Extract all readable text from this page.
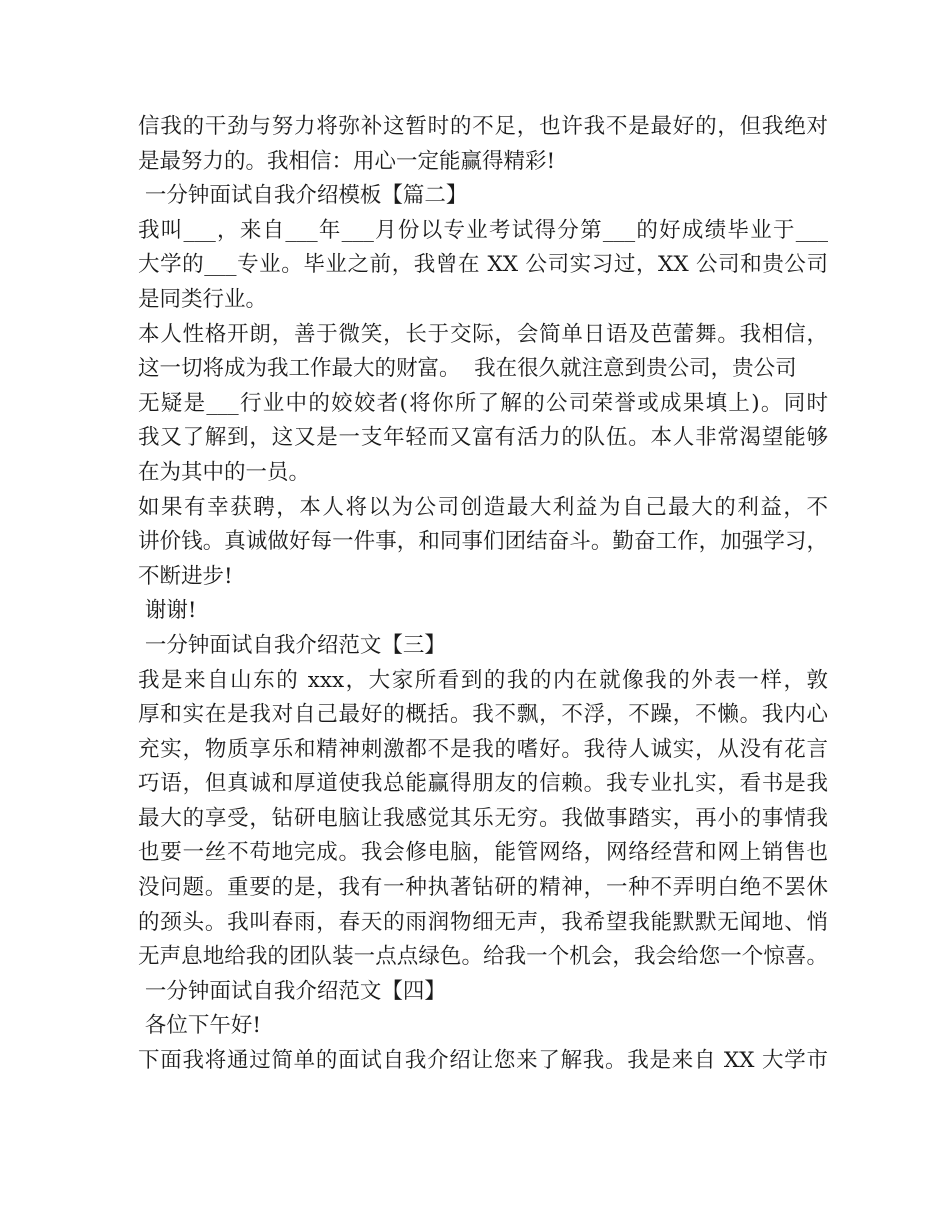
信我的干劲与努力将弥补这暂时的不足，也许我不是最好的，但我绝对
是最努力的。我相信：用心一定能赢得精彩!
一分钟面试自我介绍模板【篇二】
我叫___，来自___年___月份以专业考试得分第___的好成绩毕业于___
大学的___专业。毕业之前，我曾在 XX 公司实习过，XX 公司和贵公司
是同类行业。
本人性格开朗，善于微笑，长于交际，会简单日语及芭蕾舞。我相信，
这一切将成为我工作最大的财富。  我在很久就注意到贵公司，贵公司
无疑是___行业中的姣姣者(将你所了解的公司荣誉或成果填上)。同时
我又了解到，这又是一支年轻而又富有活力的队伍。本人非常渴望能够
在为其中的一员。
如果有幸获聘，本人将以为公司创造最大利益为自己最大的利益，不
讲价钱。真诚做好每一件事，和同事们团结奋斗。勤奋工作，加强学习，
不断进步!
谢谢!
一分钟面试自我介绍范文【三】
我是来自山东的 xxx，大家所看到的我的内在就像我的外表一样，敦
厚和实在是我对自己最好的概括。我不飘，不浮，不躁，不懒。我内心
充实，物质享乐和精神刺激都不是我的嗜好。我待人诚实，从没有花言
巧语，但真诚和厚道使我总能赢得朋友的信赖。我专业扎实，看书是我
最大的享受，钻研电脑让我感觉其乐无穷。我做事踏实，再小的事情我
也要一丝不苟地完成。我会修电脑，能管网络，网络经营和网上销售也
没问题。重要的是，我有一种执著钻研的精神，一种不弄明白绝不罢休
的颈头。我叫春雨，春天的雨润物细无声，我希望我能默默无闻地、悄
无声息地给我的团队装一点点绿色。给我一个机会，我会给您一个惊喜。
一分钟面试自我介绍范文【四】
各位下午好!
下面我将通过简单的面试自我介绍让您来了解我。我是来自 XX 大学市
